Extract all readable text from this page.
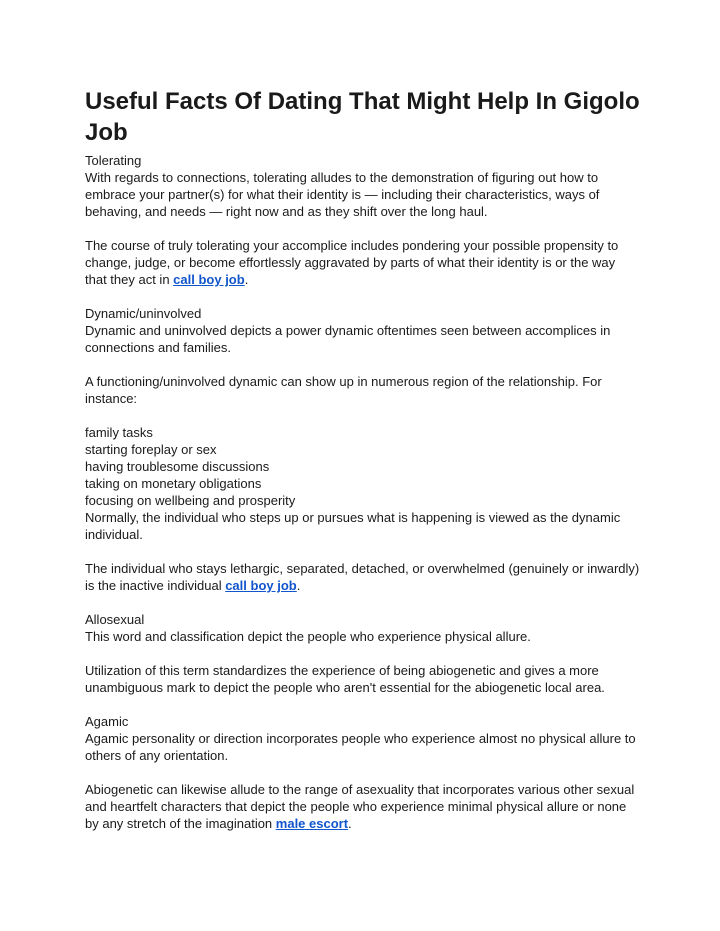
Useful Facts Of Dating That Might Help In Gigolo Job
Tolerating

With regards to connections, tolerating alludes to the demonstration of figuring out how to embrace your partner(s) for what their identity is — including their characteristics, ways of behaving, and needs — right now and as they shift over the long haul.

The course of truly tolerating your accomplice includes pondering your possible propensity to change, judge, or become effortlessly aggravated by parts of what their identity is or the way that they act in call boy job.

Dynamic/uninvolved

Dynamic and uninvolved depicts a power dynamic oftentimes seen between accomplices in connections and families.

A functioning/uninvolved dynamic can show up in numerous region of the relationship. For instance:

family tasks
starting foreplay or sex
having troublesome discussions
taking on monetary obligations
focusing on wellbeing and prosperity

Normally, the individual who steps up or pursues what is happening is viewed as the dynamic individual.

The individual who stays lethargic, separated, detached, or overwhelmed (genuinely or inwardly) is the inactive individual call boy job.

Allosexual

This word and classification depict the people who experience physical allure.

Utilization of this term standardizes the experience of being abiogenetic and gives a more unambiguous mark to depict the people who aren't essential for the abiogenetic local area.

Agamic

Agamic personality or direction incorporates people who experience almost no physical allure to others of any orientation.

Abiogenetic can likewise allude to the range of asexuality that incorporates various other sexual and heartfelt characters that depict the people who experience minimal physical allure or none by any stretch of the imagination male escort.
